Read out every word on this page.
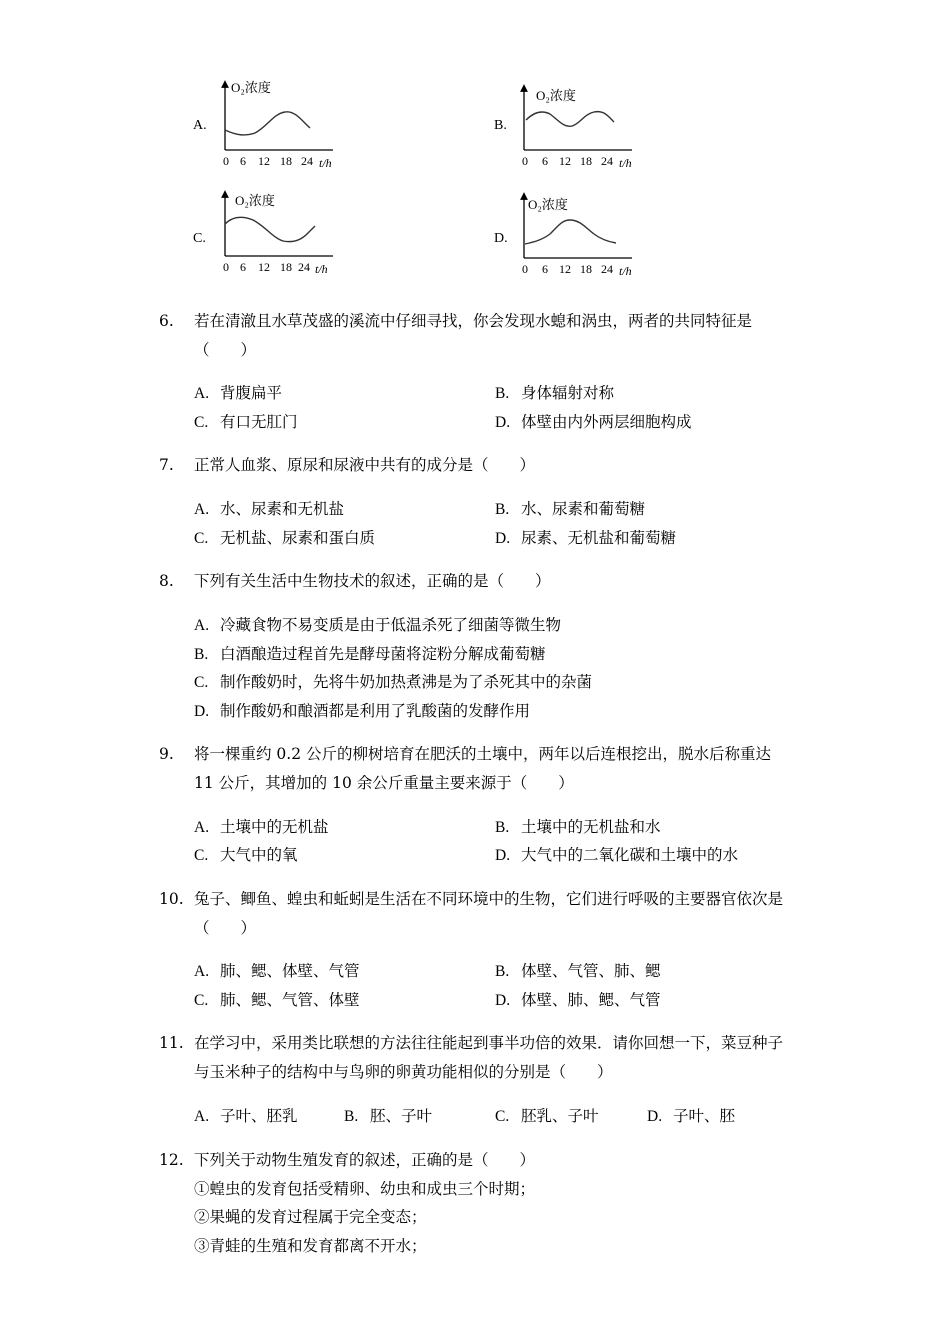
A.
O₂浓度
0 6 12 18 24 t/h
B.
O₂浓度
0 6 12 18 24 t/h
C.
O₂浓度
0 6 12 18 24 t/h
D.
O₂浓度
0 6 12 18 24 t/h
6. 若在清澈且水草茂盛的溪流中仔细寻找，你会发现水螅和涡虫，两者的共同特征是（　　）
A. 背腹扁平	B. 身体辐射对称
C. 有口无肛门	D. 体壁由内外两层细胞构成
7. 正常人血浆、原尿和尿液中共有的成分是（　　）
A. 水、尿素和无机盐	B. 水、尿素和葡萄糖
C. 无机盐、尿素和蛋白质	D. 尿素、无机盐和葡萄糖
8. 下列有关生活中生物技术的叙述，正确的是（　　）
A. 冷藏食物不易变质是由于低温杀死了细菌等微生物
B. 白酒酿造过程首先是酵母菌将淀粉分解成葡萄糖
C. 制作酸奶时，先将牛奶加热煮沸是为了杀死其中的杂菌
D. 制作酸奶和酿酒都是利用了乳酸菌的发酵作用
9. 将一棵重约 0.2 公斤的柳树培育在肥沃的土壤中，两年以后连根挖出，脱水后称重达 11 公斤，其增加的 10 余公斤重量主要来源于（　　）
A. 土壤中的无机盐	B. 土壤中的无机盐和水
C. 大气中的氧	D. 大气中的二氧化碳和土壤中的水
10. 兔子、鲫鱼、蝗虫和蚯蚓是生活在不同环境中的生物，它们进行呼吸的主要器官依次是（　　）
A. 肺、鳃、体壁、气管	B. 体壁、气管、肺、鳃
C. 肺、鳃、气管、体壁	D. 体壁、肺、鳃、气管
11. 在学习中，采用类比联想的方法往往能起到事半功倍的效果．请你回想一下，菜豆种子与玉米种子的结构中与鸟卵的卵黄功能相似的分别是（　　）
A. 子叶、胚乳	B. 胚、子叶	C. 胚乳、子叶	D. 子叶、胚
12. 下列关于动物生殖发育的叙述，正确的是（　　）
①蝗虫的发育包括受精卵、幼虫和成虫三个时期；
②果蝇的发育过程属于完全变态；
③青蛙的生殖和发育都离不开水；
